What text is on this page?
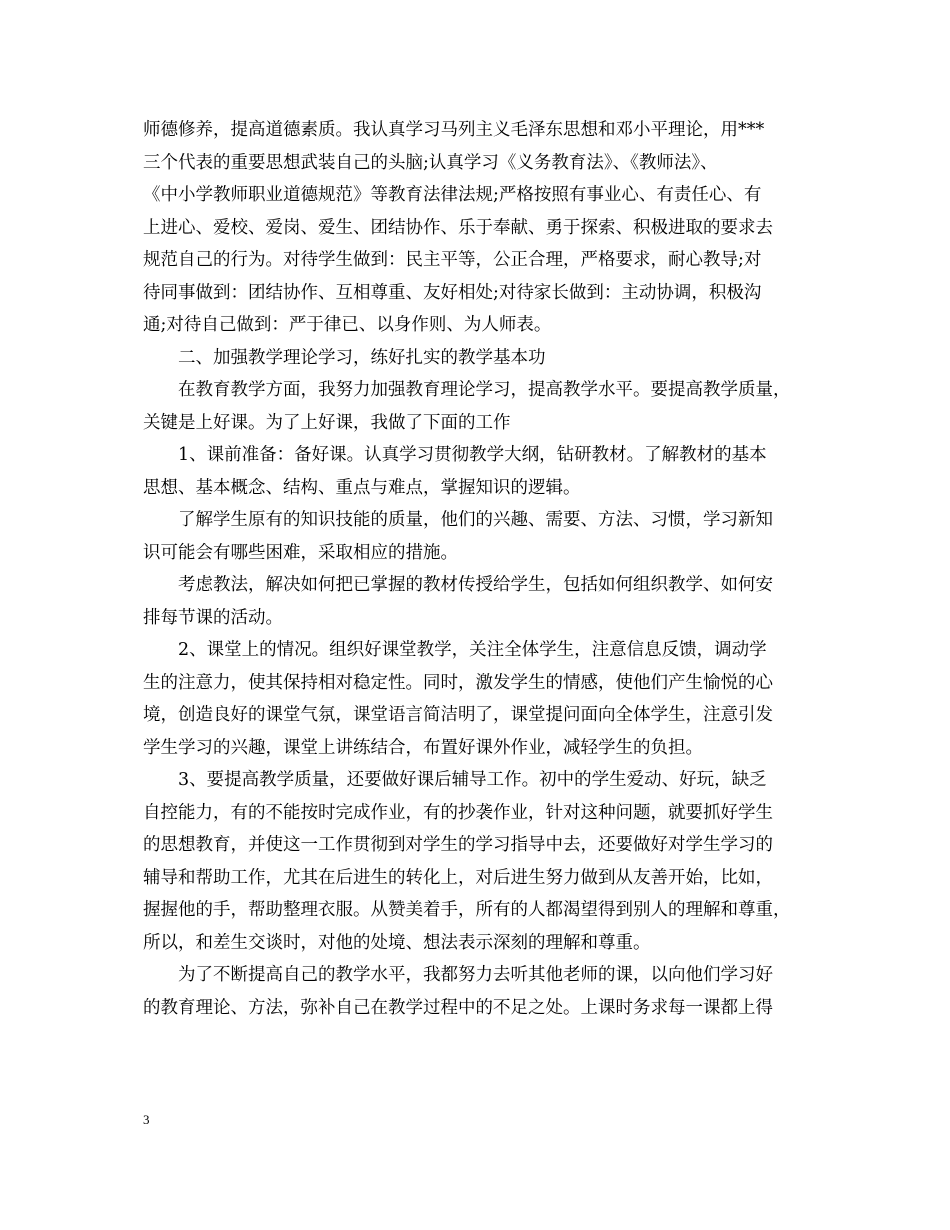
师德修养，提高道德素质。我认真学习马列主义毛泽东思想和邓小平理论，用***
三个代表的重要思想武装自己的头脑;认真学习《义务教育法》、《教师法》、
《中小学教师职业道德规范》等教育法律法规;严格按照有事业心、有责任心、有
上进心、爱校、爱岗、爱生、团结协作、乐于奉献、勇于探索、积极进取的要求去
规范自己的行为。对待学生做到：民主平等，公正合理，严格要求，耐心教导;对
待同事做到：团结协作、互相尊重、友好相处;对待家长做到：主动协调，积极沟
通;对待自己做到：严于律已、以身作则、为人师表。
二、加强教学理论学习，练好扎实的教学基本功
在教育教学方面，我努力加强教育理论学习，提高教学水平。要提高教学质量，
关键是上好课。为了上好课，我做了下面的工作
1、课前准备：备好课。认真学习贯彻教学大纲，钻研教材。了解教材的基本
思想、基本概念、结构、重点与难点，掌握知识的逻辑。
了解学生原有的知识技能的质量，他们的兴趣、需要、方法、习惯，学习新知
识可能会有哪些困难，采取相应的措施。
考虑教法，解决如何把已掌握的教材传授给学生，包括如何组织教学、如何安
排每节课的活动。
2、课堂上的情况。组织好课堂教学，关注全体学生，注意信息反馈，调动学
生的注意力，使其保持相对稳定性。同时，激发学生的情感，使他们产生愉悦的心
境，创造良好的课堂气氛，课堂语言简洁明了，课堂提问面向全体学生，注意引发
学生学习的兴趣，课堂上讲练结合，布置好课外作业，减轻学生的负担。
3、要提高教学质量，还要做好课后辅导工作。初中的学生爱动、好玩，缺乏
自控能力，有的不能按时完成作业，有的抄袭作业，针对这种问题，就要抓好学生
的思想教育，并使这一工作贯彻到对学生的学习指导中去，还要做好对学生学习的
辅导和帮助工作，尤其在后进生的转化上，对后进生努力做到从友善开始，比如，
握握他的手，帮助整理衣服。从赞美着手，所有的人都渴望得到别人的理解和尊重，
所以，和差生交谈时，对他的处境、想法表示深刻的理解和尊重。
为了不断提高自己的教学水平，我都努力去听其他老师的课，以向他们学习好
的教育理论、方法，弥补自己在教学过程中的不足之处。上课时务求每一课都上得
3
